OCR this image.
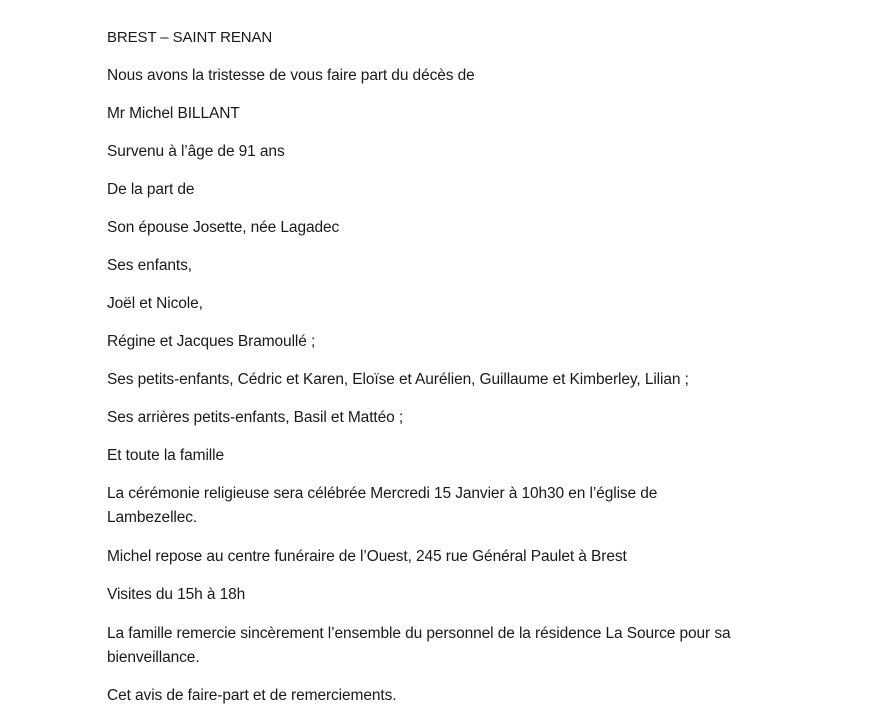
BREST – SAINT RENAN
Nous avons la tristesse de vous faire part du décès de
Mr Michel BILLANT
Survenu à l’âge de 91 ans
De la part de
Son épouse Josette, née Lagadec
Ses enfants,
Joël et Nicole,
Régine et Jacques Bramoullé ;
Ses petits-enfants, Cédric et Karen, Eloïse et Aurélien, Guillaume et Kimberley, Lilian ;
Ses arrières petits-enfants, Basil et Mattéo ;
Et toute la famille
La cérémonie religieuse sera célébrée Mercredi 15 Janvier à 10h30 en l’église de
Lambezellec.
Michel repose au centre funéraire de l’Ouest, 245 rue Général Paulet à Brest
Visites du 15h à 18h
La famille remercie sincèrement l’ensemble du personnel de la résidence La Source pour sa
bienveillance.
Cet avis de faire-part et de remerciements.
